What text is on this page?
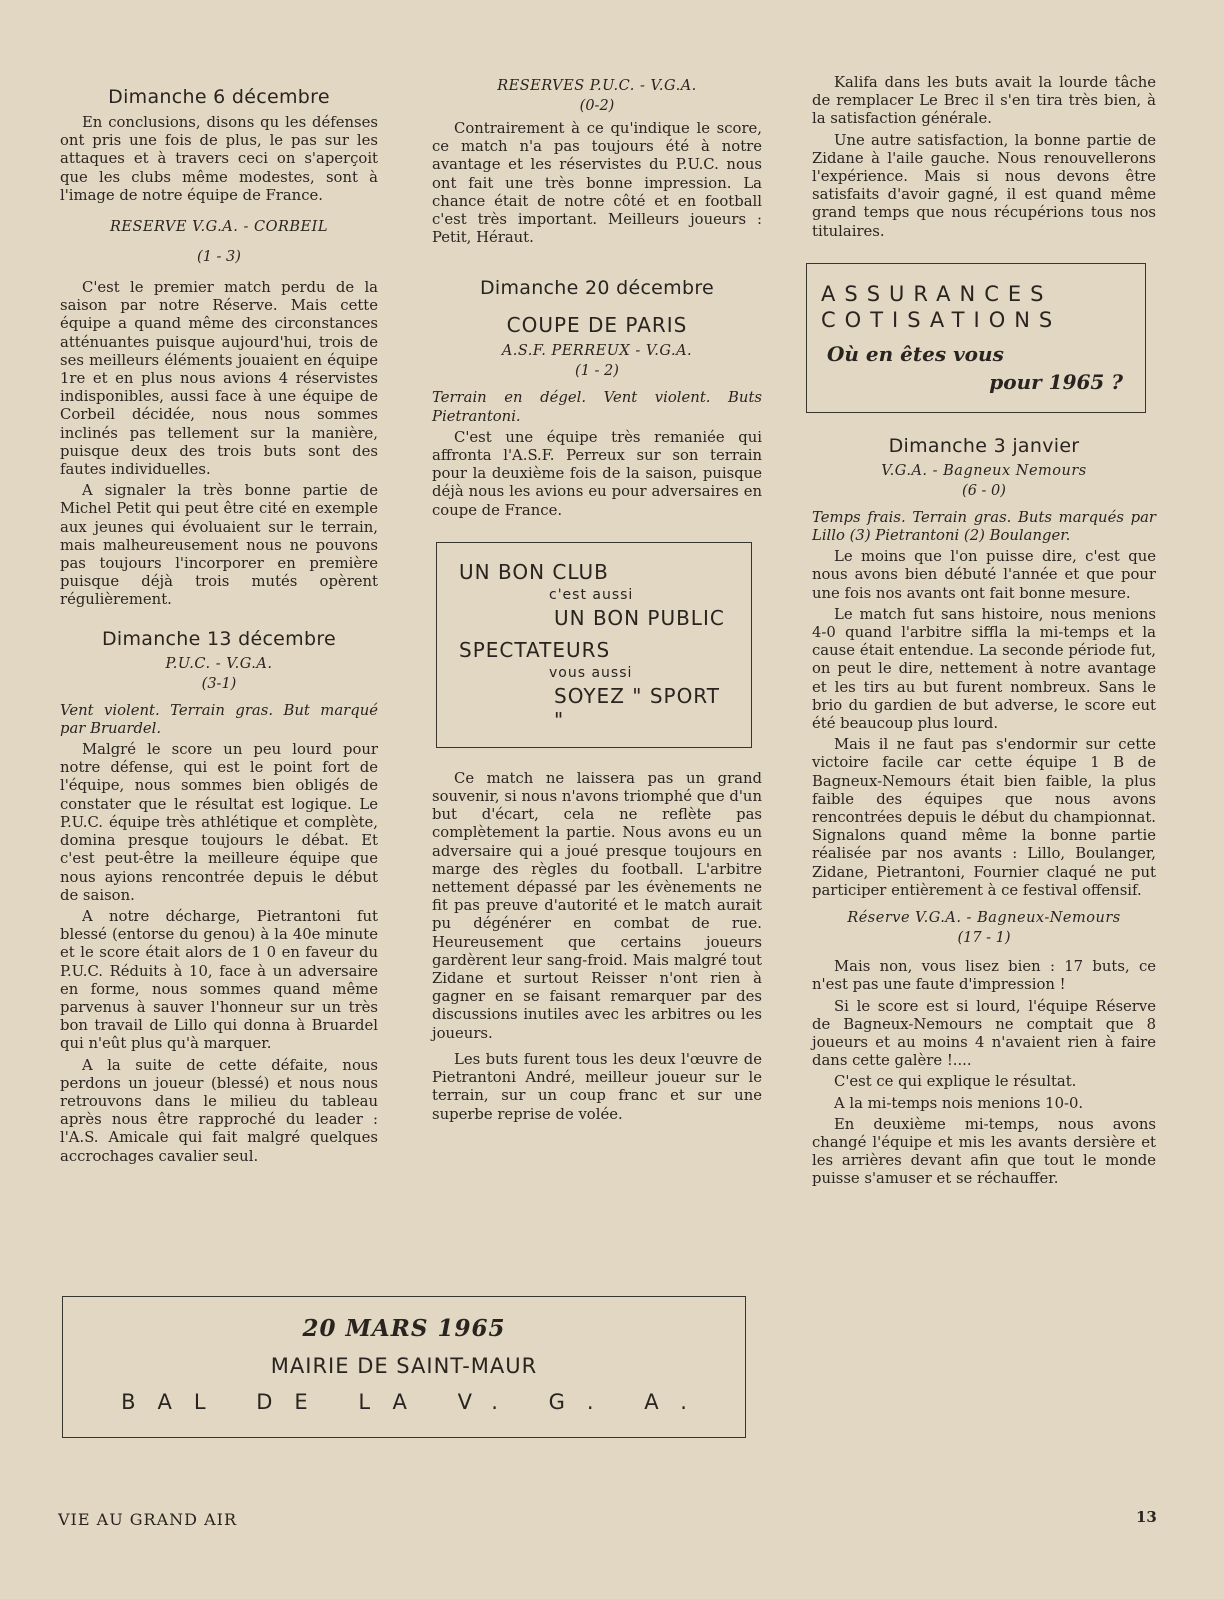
Dimanche 6 décembre

En conclusions, disons qu les défenses ont pris une fois de plus, le pas sur les attaques et à travers ceci on s'aperçoit que les clubs même modestes, sont à l'image de notre équipe de France.

RESERVE V.G.A. - CORBEIL
(1 - 3)

C'est le premier match perdu de la saison par notre Réserve. Mais cette équipe a quand même des circonstances atténuantes puisque aujourd'hui, trois de ses meilleurs éléments jouaient en équipe 1re et en plus nous avions 4 réservistes indisponibles, aussi face à une équipe de Corbeil décidée, nous nous sommes inclinés pas tellement sur la manière, puisque deux des trois buts sont des fautes individuelles.

A signaler la très bonne partie de Michel Petit qui peut être cité en exemple aux jeunes qui évoluaient sur le terrain, mais malheureusement nous ne pouvons pas toujours l'incorporer en première puisque déjà trois mutés opèrent régulièrement.

Dimanche 13 décembre
P.U.C. - V.G.A.
(3-1)

Vent violent. Terrain gras. But marqué par Bruardel.

Malgré le score un peu lourd pour notre défense, qui est le point fort de l'équipe, nous sommes bien obligés de constater que le résultat est logique. Le P.U.C. équipe très athlétique et complète, domina presque toujours le débat. Et c'est peut-être la meilleure équipe que nous ayions rencontrée depuis le début de saison.

A notre décharge, Pietrantoni fut blessé (entorse du genou) à la 40e minute et le score était alors de 1 0 en faveur du P.U.C. Réduits à 10, face à un adversaire en forme, nous sommes quand même parvenus à sauver l'honneur sur un très bon travail de Lillo qui donna à Bruardel qui n'eût plus qu'à marquer.

A la suite de cette défaite, nous perdons un joueur (blessé) et nous nous retrouvons dans le milieu du tableau après nous être rapproché du leader : l'A.S. Amicale qui fait malgré quelques accrochages cavalier seul.

RESERVES P.U.C. - V.G.A.
(0-2)

Contrairement à ce qu'indique le score, ce match n'a pas toujours été à notre avantage et les réservistes du P.U.C. nous ont fait une très bonne impression. La chance était de notre côté et en football c'est très important. Meilleurs joueurs : Petit, Héraut.

Dimanche 20 décembre
COUPE DE PARIS
A.S.F. PERREUX - V.G.A.
(1 - 2)

Terrain en dégel. Vent violent. Buts Pietrantoni.

C'est une équipe très remaniée qui affronta l'A.S.F. Perreux sur son terrain pour la deuxième fois de la saison, puisque déjà nous les avions eu pour adversaires en coupe de France.

UN BON CLUB
c'est aussi
UN BON PUBLIC
SPECTATEURS
vous aussi
SOYEZ " SPORT "

Ce match ne laissera pas un grand souvenir, si nous n'avons triomphé que d'un but d'écart, cela ne reflète pas complètement la partie. Nous avons eu un adversaire qui a joué presque toujours en marge des règles du football. L'arbitre nettement dépassé par les évènements ne fit pas preuve d'autorité et le match aurait pu dégénérer en combat de rue. Heureusement que certains joueurs gardèrent leur sang-froid. Mais malgré tout Zidane et surtout Reisser n'ont rien à gagner en se faisant remarquer par des discussions inutiles avec les arbitres ou les joueurs.

Les buts furent tous les deux l'œuvre de Pietrantoni André, meilleur joueur sur le terrain, sur un coup franc et sur une superbe reprise de volée.

Kalifa dans les buts avait la lourde tâche de remplacer Le Brec il s'en tira très bien, à la satisfaction générale.

Une autre satisfaction, la bonne partie de Zidane à l'aile gauche. Nous renouvellerons l'expérience. Mais si nous devons être satisfaits d'avoir gagné, il est quand même grand temps que nous récupérions tous nos titulaires.

ASSURANCES
COTISATIONS
Où en êtes vous
pour 1965 ?
Dimanche 3 janvier
V.G.A. - Bagneux Nemours
(6 - 0)

Temps frais. Terrain gras. Buts marqués par Lillo (3) Pietrantoni (2) Boulanger.

Le moins que l'on puisse dire, c'est que nous avons bien débuté l'année et que pour une fois nos avants ont fait bonne mesure.

Le match fut sans histoire, nous menions 4-0 quand l'arbitre siffla la mi-temps et la cause était entendue. La seconde période fut, on peut le dire, nettement à notre avantage et les tirs au but furent nombreux. Sans le brio du gardien de but adverse, le score eut été beaucoup plus lourd.

Mais il ne faut pas s'endormir sur cette victoire facile car cette équipe 1 B de Bagneux-Nemours était bien faible, la plus faible des équipes que nous avons rencontrées depuis le début du championnat. Signalons quand même la bonne partie réalisée par nos avants : Lillo, Boulanger, Zidane, Pietrantoni, Fournier claqué ne put participer entièrement à ce festival offensif.

Réserve V.G.A. - Bagneux-Nemours
(17 - 1)

Mais non, vous lisez bien : 17 buts, ce n'est pas une faute d'impression !

Si le score est si lourd, l'équipe Réserve de Bagneux-Nemours ne comptait que 8 joueurs et au moins 4 n'avaient rien à faire dans cette galère !....

C'est ce qui explique le résultat.

A la mi-temps nois menions 10-0.

En deuxième mi-temps, nous avons changé l'équipe et mis les avants dersière et les arrières devant afin que tout le monde puisse s'amuser et se réchauffer.

20 MARS 1965
MAIRIE DE SAINT-MAUR
BAL DE LA V. G. A.
VIE AU GRAND AIR	13
